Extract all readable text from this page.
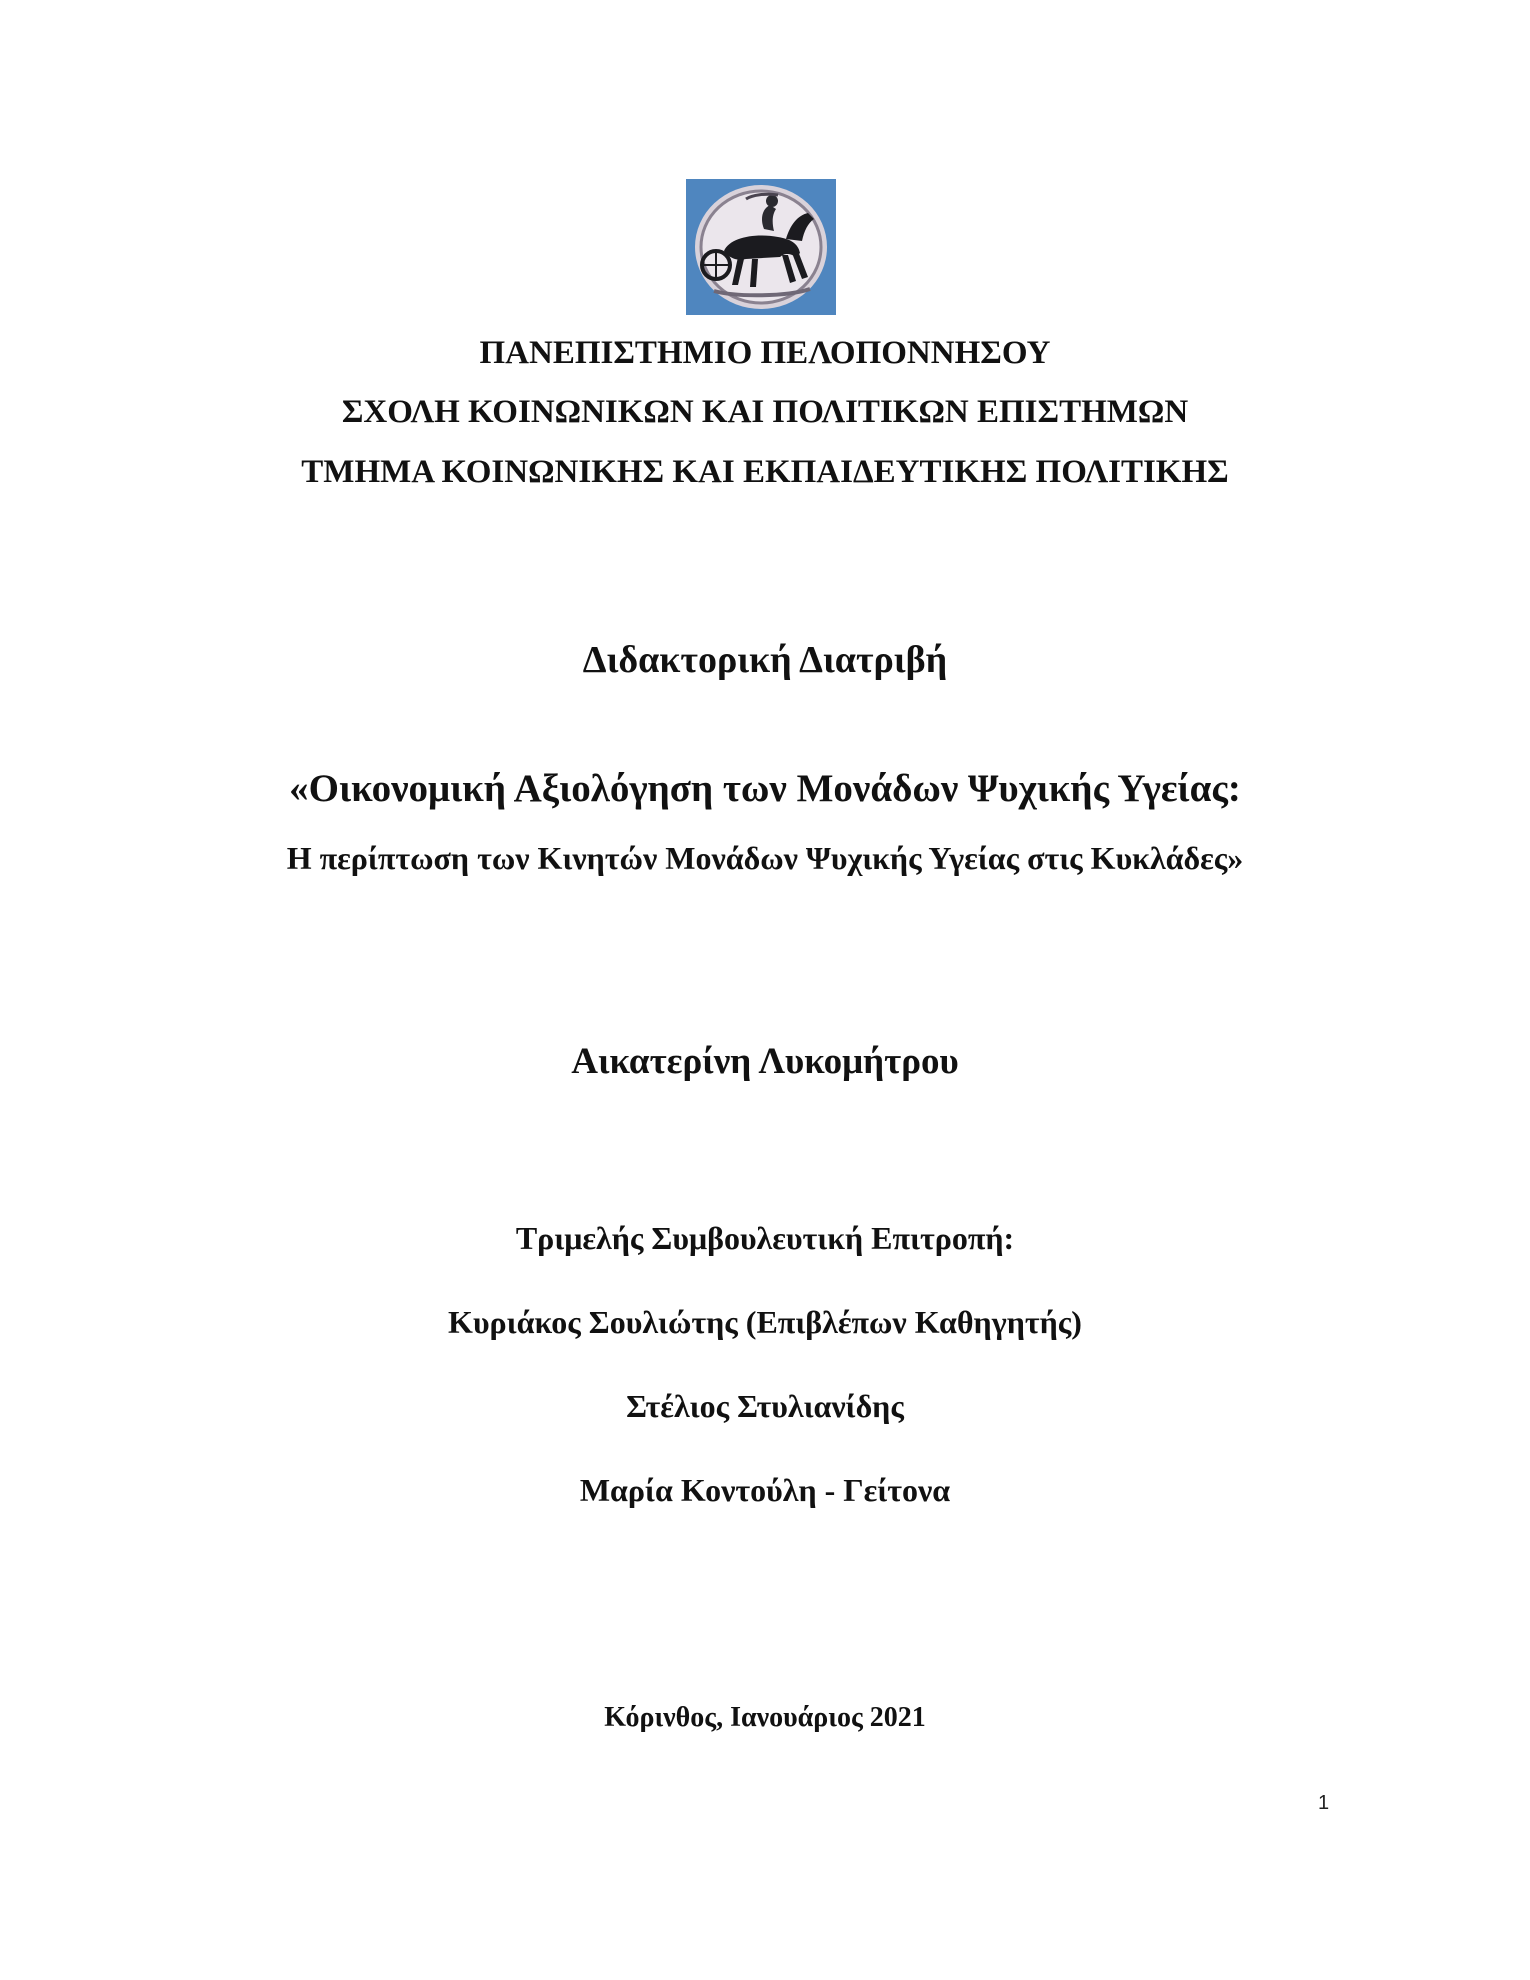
ΠΑΝΕΠΙΣΤΗΜΙΟ ΠΕΛΟΠΟΝΝΗΣΟΥ
ΣΧΟΛΗ ΚΟΙΝΩΝΙΚΩΝ ΚΑΙ ΠΟΛΙΤΙΚΩΝ ΕΠΙΣΤΗΜΩΝ
ΤΜΗΜΑ ΚΟΙΝΩΝΙΚΗΣ ΚΑΙ ΕΚΠΑΙΔΕΥΤΙΚΗΣ ΠΟΛΙΤΙΚΗΣ
Διδακτορική Διατριβή
«Οικονομική Αξιολόγηση των Μονάδων Ψυχικής Υγείας:
Η περίπτωση των Κινητών Μονάδων Ψυχικής Υγείας στις Κυκλάδες»
Αικατερίνη Λυκομήτρου
Τριμελής Συμβουλευτική Επιτροπή:
Κυριάκος Σουλιώτης (Επιβλέπων Καθηγητής)
Στέλιος Στυλιανίδης
Μαρία Κοντούλη - Γείτονα
Κόρινθος, Ιανουάριος 2021
1
